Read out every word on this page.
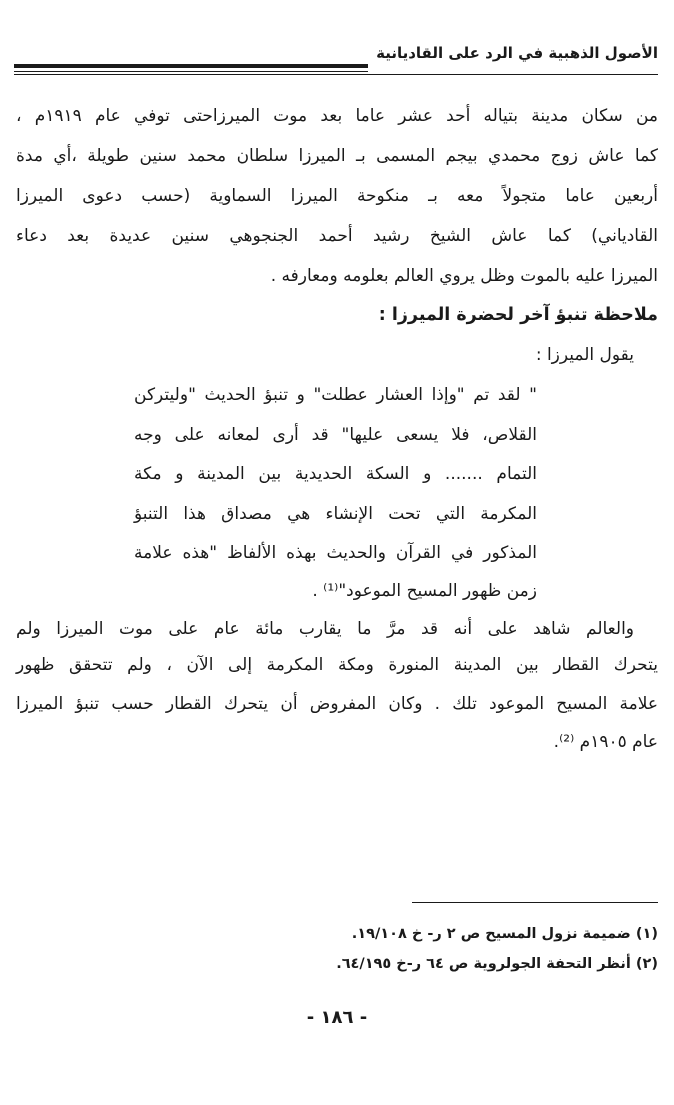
الأصول الذهبية في الرد على القاديانية
من سكان مدينة بتياله أحد عشر عاما بعد موت الميرزاحتى توفي عام ١٩١٩م ،
كما عاش زوج محمدي بيجم المسمى بـ الميرزا سلطان محمد سنين طويلة ،أي مدة
أربعين عاما متجولاً معه بـ منكوحة الميرزا السماوية (حسب دعوى الميرزا
القادياني) كما عاش الشيخ رشيد أحمد الجنجوهي سنين عديدة بعد دعاء
الميرزا عليه بالموت وظل يروي العالم بعلومه ومعارفه .
ملاحظة تنبؤ آخر لحضرة الميرزا :
يقول الميرزا :
" لقد تم "وإذا العشار عطلت" و تنبؤ الحديث "وليتركن
القلاص، فلا يسعى عليها" قد أرى لمعانه على وجه
التمام ....... و السكة الحديدية بين المدينة و مكة
المكرمة التي تحت الإنشاء هي مصداق هذا التنبؤ
المذكور في القرآن والحديث بهذه الألفاظ "هذه علامة
زمن ظهور المسيح الموعود"⁽¹⁾ .
والعالم شاهد على أنه قد مرَّ ما يقارب مائة عام على موت الميرزا ولم
يتحرك القطار بين المدينة المنورة ومكة المكرمة إلى الآن ، ولم تتحقق ظهور
علامة المسيح الموعود تلك . وكان المفروض أن يتحرك القطار حسب تنبؤ الميرزا
عام ١٩٠٥م ⁽²⁾.
(١) ضميمة نزول المسيح ص ٢ ر- خ ١٩/١٠٨.
(٢) أنظر التحفة الجولروية ص ٦٤ ر-خ ٦٤/١٩٥.
- ١٨٦ -
